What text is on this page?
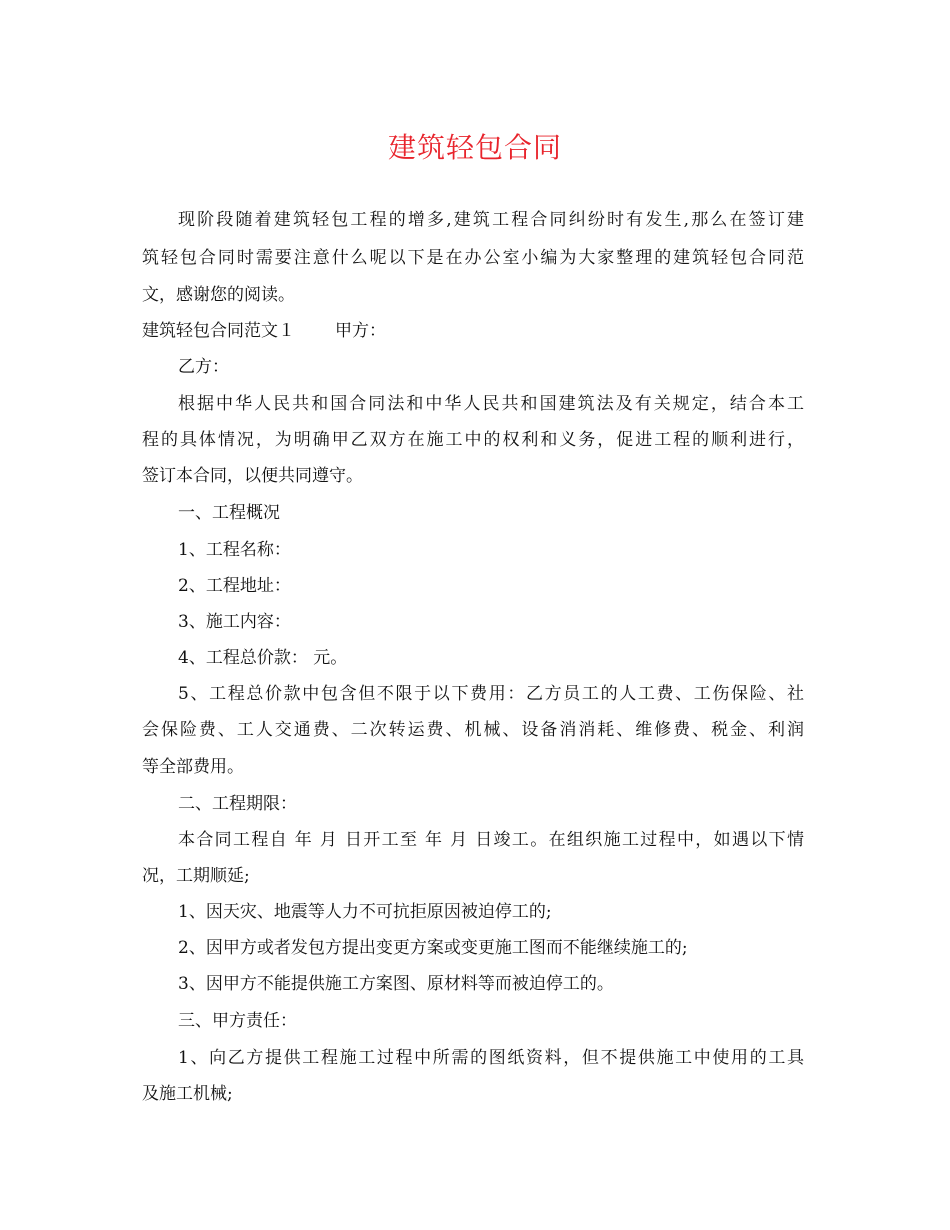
建筑轻包合同
现阶段随着建筑轻包工程的增多,建筑工程合同纠纷时有发生,那么在签订建
筑轻包合同时需要注意什么呢以下是在办公室小编为大家整理的建筑轻包合同范
文，感谢您的阅读。
建筑轻包合同范文１ 甲方：
乙方：
根据中华人民共和国合同法和中华人民共和国建筑法及有关规定，结合本工
程的具体情况，为明确甲乙双方在施工中的权利和义务，促进工程的顺利进行，
签订本合同，以便共同遵守。
一、工程概况
1、工程名称：
2、工程地址：
3、施工内容：
4、工程总价款： 元。
5、工程总价款中包含但不限于以下费用：乙方员工的人工费、工伤保险、社
会保险费、工人交通费、二次转运费、机械、设备消消耗、维修费、税金、利润
等全部费用。
二、工程期限：
本合同工程自 年 月 日开工至 年 月 日竣工。在组织施工过程中，如遇以下情
况，工期顺延;
1、因天灾、地震等人力不可抗拒原因被迫停工的;
2、因甲方或者发包方提出变更方案或变更施工图而不能继续施工的;
3、因甲方不能提供施工方案图、原材料等而被迫停工的。
三、甲方责任：
1、向乙方提供工程施工过程中所需的图纸资料，但不提供施工中使用的工具
及施工机械;
